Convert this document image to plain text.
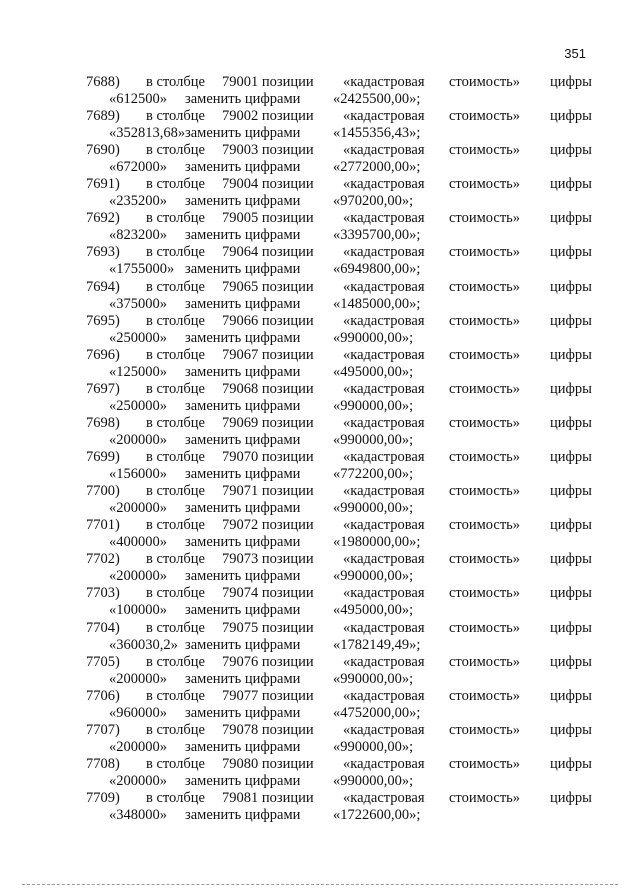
351
7688) в столбце 79001 позиции «кадастровая стоимость» цифры
«612500» заменить цифрами «2425500,00»;
7689) в столбце 79002 позиции «кадастровая стоимость» цифры
«352813,68» заменить цифрами «1455356,43»;
7690) в столбце 79003 позиции «кадастровая стоимость» цифры
«672000» заменить цифрами «2772000,00»;
7691) в столбце 79004 позиции «кадастровая стоимость» цифры
«235200» заменить цифрами «970200,00»;
7692) в столбце 79005 позиции «кадастровая стоимость» цифры
«823200» заменить цифрами «3395700,00»;
7693) в столбце 79064 позиции «кадастровая стоимость» цифры
«1755000» заменить цифрами «6949800,00»;
7694) в столбце 79065 позиции «кадастровая стоимость» цифры
«375000» заменить цифрами «1485000,00»;
7695) в столбце 79066 позиции «кадастровая стоимость» цифры
«250000» заменить цифрами «990000,00»;
7696) в столбце 79067 позиции «кадастровая стоимость» цифры
«125000» заменить цифрами «495000,00»;
7697) в столбце 79068 позиции «кадастровая стоимость» цифры
«250000» заменить цифрами «990000,00»;
7698) в столбце 79069 позиции «кадастровая стоимость» цифры
«200000» заменить цифрами «990000,00»;
7699) в столбце 79070 позиции «кадастровая стоимость» цифры
«156000» заменить цифрами «772200,00»;
7700) в столбце 79071 позиции «кадастровая стоимость» цифры
«200000» заменить цифрами «990000,00»;
7701) в столбце 79072 позиции «кадастровая стоимость» цифры
«400000» заменить цифрами «1980000,00»;
7702) в столбце 79073 позиции «кадастровая стоимость» цифры
«200000» заменить цифрами «990000,00»;
7703) в столбце 79074 позиции «кадастровая стоимость» цифры
«100000» заменить цифрами «495000,00»;
7704) в столбце 79075 позиции «кадастровая стоимость» цифры
«360030,2» заменить цифрами «1782149,49»;
7705) в столбце 79076 позиции «кадастровая стоимость» цифры
«200000» заменить цифрами «990000,00»;
7706) в столбце 79077 позиции «кадастровая стоимость» цифры
«960000» заменить цифрами «4752000,00»;
7707) в столбце 79078 позиции «кадастровая стоимость» цифры
«200000» заменить цифрами «990000,00»;
7708) в столбце 79080 позиции «кадастровая стоимость» цифры
«200000» заменить цифрами «990000,00»;
7709) в столбце 79081 позиции «кадастровая стоимость» цифры
«348000» заменить цифрами «1722600,00»;
